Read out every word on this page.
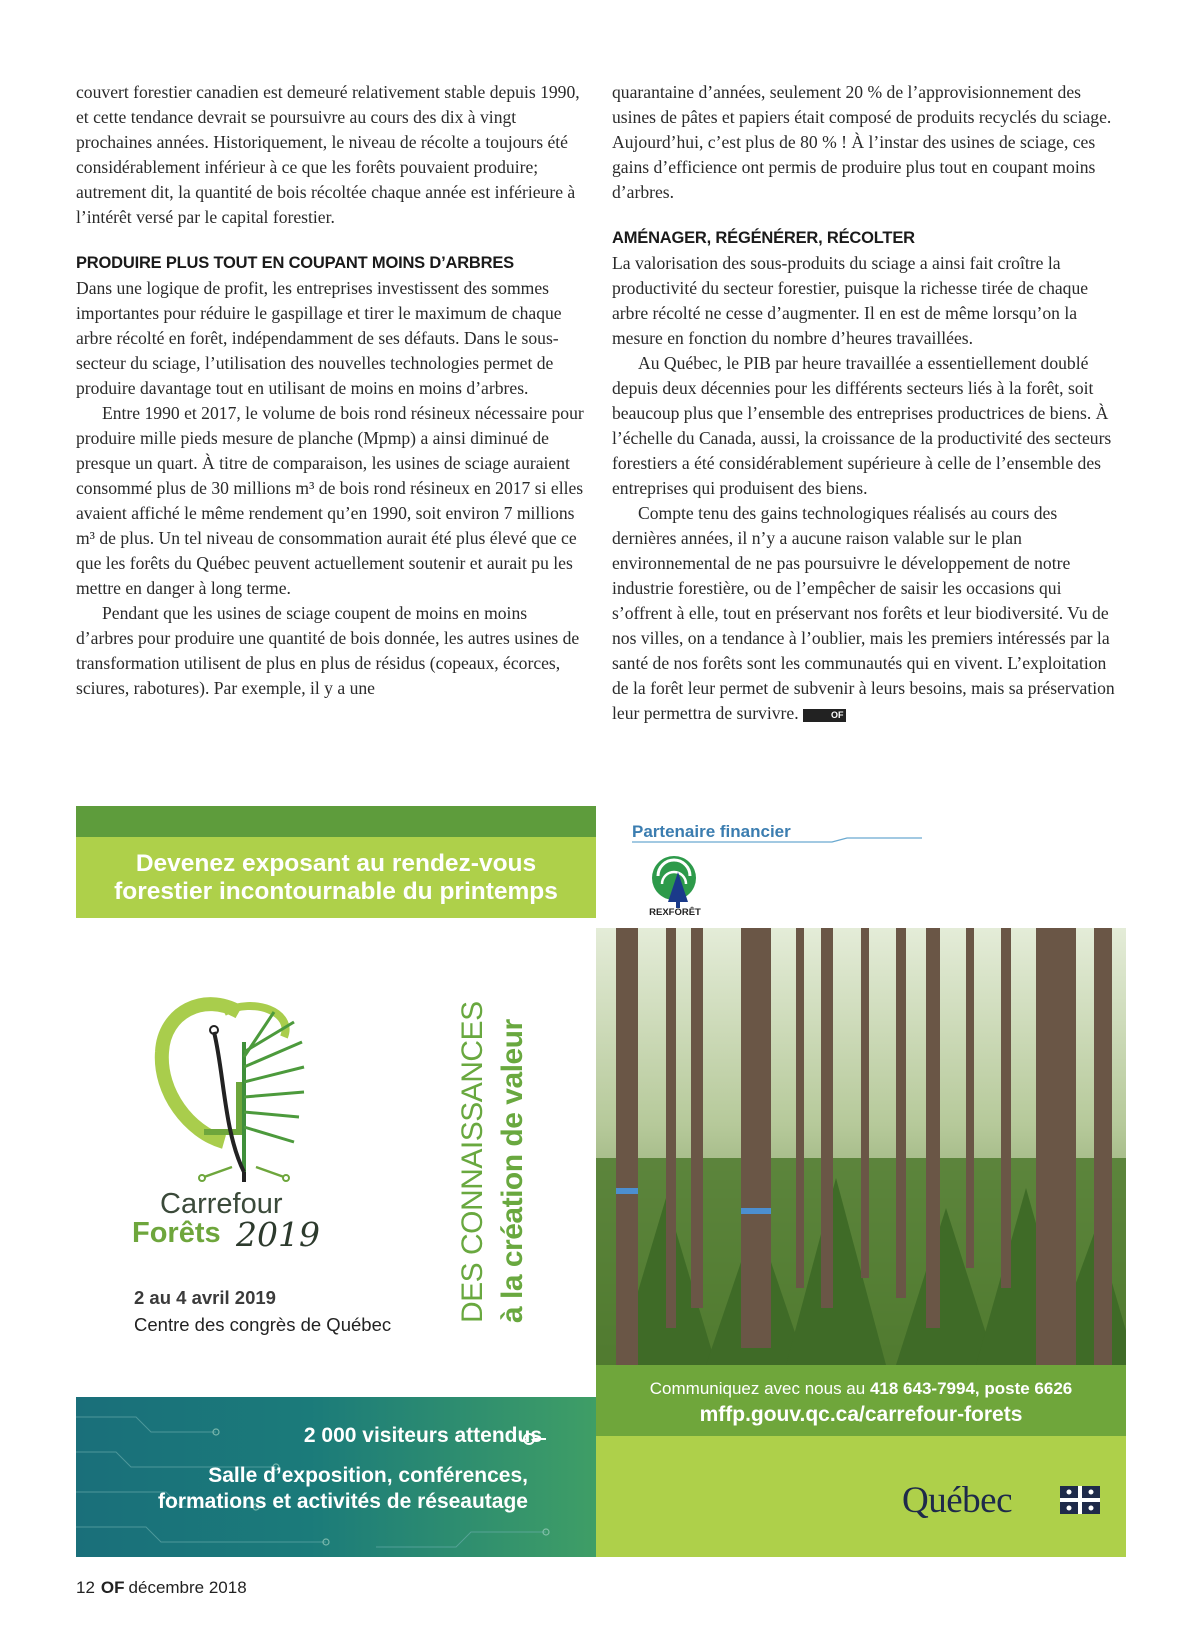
couvert forestier canadien est demeuré relativement stable depuis 1990, et cette tendance devrait se poursuivre au cours des dix à vingt prochaines années. Historiquement, le niveau de récolte a toujours été considérablement inférieur à ce que les forêts pouvaient produire; autrement dit, la quantité de bois récoltée chaque année est inférieure à l’intérêt versé par le capital forestier.

PRODUIRE PLUS TOUT EN COUPANT MOINS D’ARBRES

Dans une logique de profit, les entreprises investissent des sommes importantes pour réduire le gaspillage et tirer le maximum de chaque arbre récolté en forêt, indépendamment de ses défauts. Dans le sous-secteur du sciage, l’utilisation des nouvelles technologies permet de produire davantage tout en utilisant de moins en moins d’arbres.

Entre 1990 et 2017, le volume de bois rond résineux nécessaire pour produire mille pieds mesure de planche (Mpmp) a ainsi diminué de presque un quart. À titre de comparaison, les usines de sciage auraient consommé plus de 30 millions m³ de bois rond résineux en 2017 si elles avaient affiché le même rendement qu’en 1990, soit environ 7 millions m³ de plus. Un tel niveau de consommation aurait été plus élevé que ce que les forêts du Québec peuvent actuellement soutenir et aurait pu les mettre en danger à long terme.

Pendant que les usines de sciage coupent de moins en moins d’arbres pour produire une quantité de bois donnée, les autres usines de transformation utilisent de plus en plus de résidus (copeaux, écorces, sciures, rabotures). Par exemple, il y a une

quarantaine d’années, seulement 20 % de l’approvisionnement des usines de pâtes et papiers était composé de produits recyclés du sciage. Aujourd’hui, c’est plus de 80 % ! À l’instar des usines de sciage, ces gains d’efficience ont permis de produire plus tout en coupant moins d’arbres.

AMÉNAGER, RÉGÉNÉRER, RÉCOLTER

La valorisation des sous-produits du sciage a ainsi fait croître la productivité du secteur forestier, puisque la richesse tirée de chaque arbre récolté ne cesse d’augmenter. Il en est de même lorsqu’on la mesure en fonction du nombre d’heures travaillées.

Au Québec, le PIB par heure travaillée a essentiellement doublé depuis deux décennies pour les différents secteurs liés à la forêt, soit beaucoup plus que l’ensemble des entreprises productrices de biens. À l’échelle du Canada, aussi, la croissance de la productivité des secteurs forestiers a été considérablement supérieure à celle de l’ensemble des entreprises qui produisent des biens.

Compte tenu des gains technologiques réalisés au cours des dernières années, il n’y a aucune raison valable sur le plan environnemental de ne pas poursuivre le développement de notre industrie forestière, ou de l’empêcher de saisir les occasions qui s’offrent à elle, tout en préservant nos forêts et leur biodiversité. Vu de nos villes, on a tendance à l’oublier, mais les premiers intéressés par la santé de nos forêts sont les communautés qui en vivent. L’exploitation de la forêt leur permet de subvenir à leurs besoins, mais sa préservation leur permettra de survivre.	OF

Devenez exposant au rendez-vous
forestier incontournable du printemps
Partenaire financier
REXFORÊT
Carrefour
Forêts 2019
2 au 4 avril 2019
Centre des congrès de Québec
DES CONNAISSANCES à la création de valeur
Communiquez avec nous au 418 643-7994, poste 6626
mffp.gouv.qc.ca/carrefour-forets
Québec
2 000 visiteurs attendus
Salle d’exposition, conférences,
formations et activités de réseautage
12 OF décembre 2018
